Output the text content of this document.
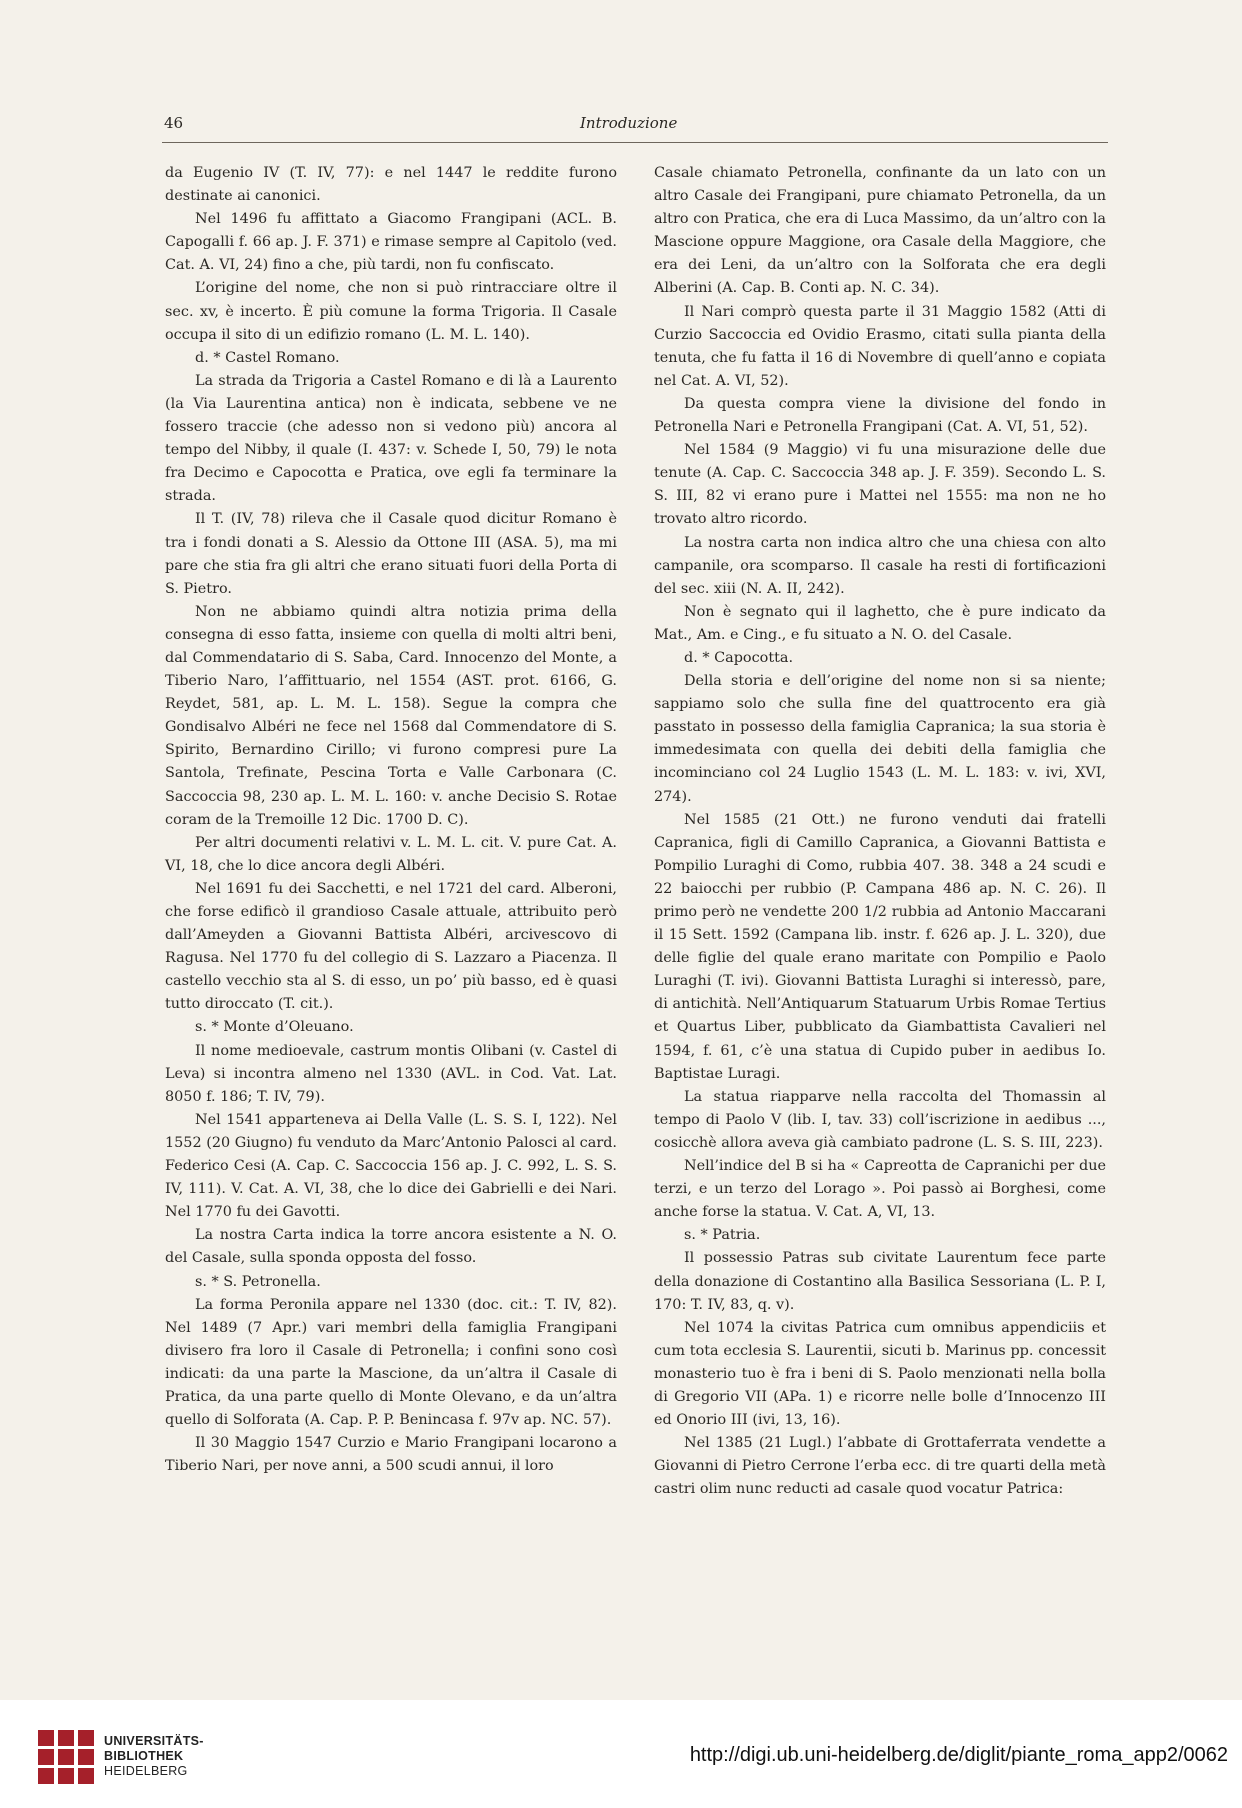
46	Introduzione

da Eugenio IV (T. IV, 77): e nel 1447 le reddite furono destinate ai canonici.

Nel 1496 fu affittato a Giacomo Frangipani (ACL. B. Capogalli f. 66 ap. J. F. 371) e rimase sempre al Capitolo (ved. Cat. A. VI, 24) fino a che, più tardi, non fu confiscato.

L’origine del nome, che non si può rintracciare oltre il sec. xv, è incerto. È più comune la forma Trigoria. Il Casale occupa il sito di un edifizio romano (L. M. L. 140).

d. * Castel Romano.

La strada da Trigoria a Castel Romano e di là a Laurento (la Via Laurentina antica) non è indicata, sebbene ve ne fossero traccie (che adesso non si vedono più) ancora al tempo del Nibby, il quale (I. 437: v. Schede I, 50, 79) le nota fra Decimo e Capocotta e Pratica, ove egli fa terminare la strada.

Il T. (IV, 78) rileva che il Casale quod dicitur Romano è tra i fondi donati a S. Alessio da Ottone III (ASA. 5), ma mi pare che stia fra gli altri che erano situati fuori della Porta di S. Pietro.

Non ne abbiamo quindi altra notizia prima della consegna di esso fatta, insieme con quella di molti altri beni, dal Commendatario di S. Saba, Card. Innocenzo del Monte, a Tiberio Naro, l’affittuario, nel 1554 (AST. prot. 6166, G. Reydet, 581, ap. L. M. L. 158). Segue la compra che Gondisalvo Albéri ne fece nel 1568 dal Commendatore di S. Spirito, Bernardino Cirillo; vi furono compresi pure La Santola, Trefinate, Pescina Torta e Valle Carbonara (C. Saccoccia 98, 230 ap. L. M. L. 160: v. anche Decisio S. Rotae coram de la Tremoille 12 Dic. 1700 D. C).

Per altri documenti relativi v. L. M. L. cit. V. pure Cat. A. VI, 18, che lo dice ancora degli Albéri.

Nel 1691 fu dei Sacchetti, e nel 1721 del card. Alberoni, che forse edificò il grandioso Casale attuale, attribuito però dall’Ameyden a Giovanni Battista Albéri, arcivescovo di Ragusa. Nel 1770 fu del collegio di S. Lazzaro a Piacenza. Il castello vecchio sta al S. di esso, un po’ più basso, ed è quasi tutto diroccato (T. cit.).

s. * Monte d’Oleuano.

Il nome medioevale, castrum montis Olibani (v. Castel di Leva) si incontra almeno nel 1330 (AVL. in Cod. Vat. Lat. 8050 f. 186; T. IV, 79).

Nel 1541 apparteneva ai Della Valle (L. S. S. I, 122). Nel 1552 (20 Giugno) fu venduto da Marc’Antonio Palosci al card. Federico Cesi (A. Cap. C. Saccoccia 156 ap. J. C. 992, L. S. S. IV, 111). V. Cat. A. VI, 38, che lo dice dei Gabrielli e dei Nari. Nel 1770 fu dei Gavotti.

La nostra Carta indica la torre ancora esistente a N. O. del Casale, sulla sponda opposta del fosso.

s. * S. Petronella.

La forma Peronila appare nel 1330 (doc. cit.: T. IV, 82). Nel 1489 (7 Apr.) vari membri della famiglia Frangipani divisero fra loro il Casale di Petronella; i confini sono così indicati: da una parte la Mascione, da un’altra il Casale di Pratica, da una parte quello di Monte Olevano, e da un’altra quello di Solforata (A. Cap. P. P. Benincasa f. 97v ap. NC. 57).

Il 30 Maggio 1547 Curzio e Mario Frangipani locarono a Tiberio Nari, per nove anni, a 500 scudi annui, il loro

Casale chiamato Petronella, confinante da un lato con un altro Casale dei Frangipani, pure chiamato Petronella, da un altro con Pratica, che era di Luca Massimo, da un’altro con la Mascione oppure Maggione, ora Casale della Maggiore, che era dei Leni, da un’altro con la Solforata che era degli Alberini (A. Cap. B. Conti ap. N. C. 34).

Il Nari comprò questa parte il 31 Maggio 1582 (Atti di Curzio Saccoccia ed Ovidio Erasmo, citati sulla pianta della tenuta, che fu fatta il 16 di Novembre di quell’anno e copiata nel Cat. A. VI, 52).

Da questa compra viene la divisione del fondo in Petronella Nari e Petronella Frangipani (Cat. A. VI, 51, 52).

Nel 1584 (9 Maggio) vi fu una misurazione delle due tenute (A. Cap. C. Saccoccia 348 ap. J. F. 359). Secondo L. S. S. III, 82 vi erano pure i Mattei nel 1555: ma non ne ho trovato altro ricordo.

La nostra carta non indica altro che una chiesa con alto campanile, ora scomparso. Il casale ha resti di fortificazioni del sec. xiii (N. A. II, 242).

Non è segnato qui il laghetto, che è pure indicato da Mat., Am. e Cing., e fu situato a N. O. del Casale.

d. * Capocotta.

Della storia e dell’origine del nome non si sa niente; sappiamo solo che sulla fine del quattrocento era già passtato in possesso della famiglia Capranica; la sua storia è immedesimata con quella dei debiti della famiglia che incominciano col 24 Luglio 1543 (L. M. L. 183: v. ivi, XVI, 274).

Nel 1585 (21 Ott.) ne furono venduti dai fratelli Capranica, figli di Camillo Capranica, a Giovanni Battista e Pompilio Luraghi di Como, rubbia 407. 38. 348 a 24 scudi e 22 baiocchi per rubbio (P. Campana 486 ap. N. C. 26). Il primo però ne vendette 200 1/2 rubbia ad Antonio Maccarani il 15 Sett. 1592 (Campana lib. instr. f. 626 ap. J. L. 320), due delle figlie del quale erano maritate con Pompilio e Paolo Luraghi (T. ivi). Giovanni Battista Luraghi si interessò, pare, di antichità. Nell’Antiquarum Statuarum Urbis Romae Tertius et Quartus Liber, pubblicato da Giambattista Cavalieri nel 1594, f. 61, c’è una statua di Cupido puber in aedibus Io. Baptistae Luragi.

La statua riapparve nella raccolta del Thomassin al tempo di Paolo V (lib. I, tav. 33) coll’iscrizione in aedibus ..., cosicchè allora aveva già cambiato padrone (L. S. S. III, 223).

Nell’indice del B si ha « Capreotta de Capranichi per due terzi, e un terzo del Lorago ». Poi passò ai Borghesi, come anche forse la statua. V. Cat. A, VI, 13.

s. * Patria.

Il possessio Patras sub civitate Laurentum fece parte della donazione di Costantino alla Basilica Sessoriana (L. P. I, 170: T. IV, 83, q. v).

Nel 1074 la civitas Patrica cum omnibus appendiciis et cum tota ecclesia S. Laurentii, sicuti b. Marinus pp. concessit monasterio tuo è fra i beni di S. Paolo menzionati nella bolla di Gregorio VII (APa. 1) e ricorre nelle bolle d’Innocenzo III ed Onorio III (ivi, 13, 16).

Nel 1385 (21 Lugl.) l’abbate di Grottaferrata vendette a Giovanni di Pietro Cerrone l’erba ecc. di tre quarti della metà castri olim nunc reducti ad casale quod vocatur Patrica:

UNIVERSITÄTS-
BIBLIOTHEK
HEIDELBERG
http://digi.ub.uni-heidelberg.de/diglit/piante_roma_app2/0062
